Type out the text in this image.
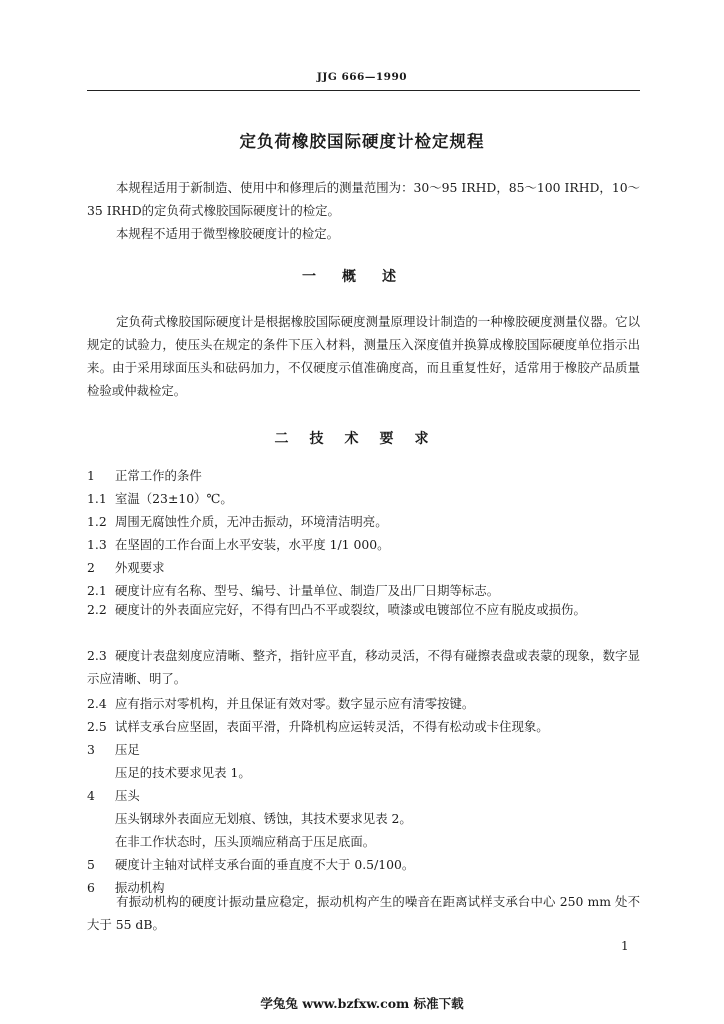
JJG 666—1990
定负荷橡胶国际硬度计检定规程
本规程适用于新制造、使用中和修理后的测量范围为：30～95 IRHD，85～100 IRHD，10～35 IRHD的定负荷式橡胶国际硬度计的检定。
本规程不适用于微型橡胶硬度计的检定。
一概述
定负荷式橡胶国际硬度计是根据橡胶国际硬度测量原理设计制造的一种橡胶硬度测量仪器。它以规定的试验力，使压头在规定的条件下压入材料，测量压入深度值并换算成橡胶国际硬度单位指示出来。由于采用球面压头和砝码加力，不仅硬度示值准确度高，而且重复性好，适常用于橡胶产品质量检验或仲裁检定。
二技术要求
1 正常工作的条件
1.1 室温（23±10）℃。
1.2 周围无腐蚀性介质，无冲击振动，环境清洁明亮。
1.3 在坚固的工作台面上水平安装，水平度 1/1 000。
2 外观要求
2.1 硬度计应有名称、型号、编号、计量单位、制造厂及出厂日期等标志。
2.2 硬度计的外表面应完好，不得有凹凸不平或裂纹，喷漆或电镀部位不应有脱皮或损伤。
2.3 硬度计表盘刻度应清晰、整齐，指针应平直，移动灵活，不得有碰擦表盘或表蒙的现象，数字显示应清晰、明了。
2.4 应有指示对零机构，并且保证有效对零。数字显示应有清零按键。
2.5 试样支承台应坚固，表面平滑，升降机构应运转灵活，不得有松动或卡住现象。
3 压足
压足的技术要求见表 1。
4 压头
压头钢球外表面应无划痕、锈蚀，其技术要求见表 2。
在非工作状态时，压头顶端应稍高于压足底面。
5 硬度计主轴对试样支承台面的垂直度不大于 0.5/100。
6 振动机构
有振动机构的硬度计振动量应稳定，振动机构产生的噪音在距离试样支承台中心 250 mm 处不大于 55 dB。
1
学兔兔 www.bzfxw.com 标准下载
